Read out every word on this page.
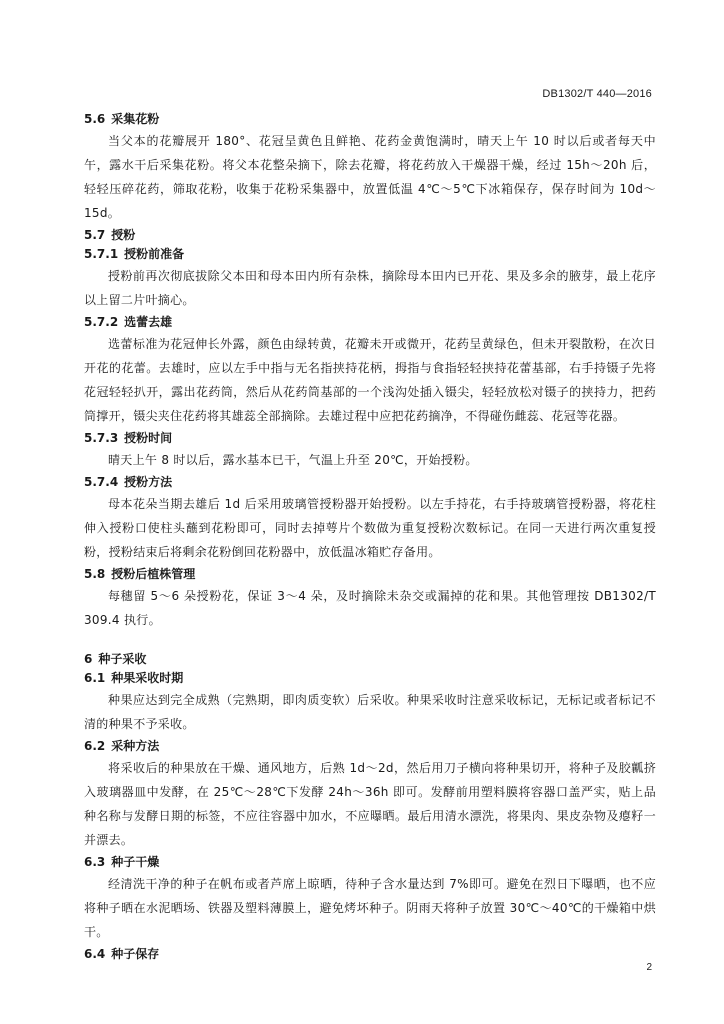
DB1302/T 440—2016
5.6 采集花粉

当父本的花瓣展开 180°、花冠呈黄色且鲜艳、花药金黄饱满时，晴天上午 10 时以后或者每天中午，露水干后采集花粉。将父本花整朵摘下，除去花瓣，将花药放入干燥器干燥，经过 15h～20h 后，轻轻压碎花药，筛取花粉，收集于花粉采集器中，放置低温 4℃～5℃下冰箱保存，保存时间为 10d～15d。

5.7 授粉
5.7.1 授粉前准备

授粉前再次彻底拔除父本田和母本田内所有杂株，摘除母本田内已开花、果及多余的腋芽，最上花序以上留二片叶摘心。

5.7.2 选蕾去雄

选蕾标准为花冠伸长外露，颜色由绿转黄，花瓣未开或微开，花药呈黄绿色，但未开裂散粉，在次日开花的花蕾。去雄时，应以左手中指与无名指挟持花柄，拇指与食指轻轻挟持花蕾基部，右手持镊子先将花冠轻轻扒开，露出花药筒，然后从花药筒基部的一个浅沟处插入镊尖，轻轻放松对镊子的挟持力，把药筒撑开，镊尖夹住花药将其雄蕊全部摘除。去雄过程中应把花药摘净，不得碰伤雌蕊、花冠等花器。

5.7.3 授粉时间

晴天上午 8 时以后，露水基本已干，气温上升至 20℃，开始授粉。

5.7.4 授粉方法

母本花朵当期去雄后 1d 后采用玻璃管授粉器开始授粉。以左手持花，右手持玻璃管授粉器，将花柱伸入授粉口使柱头蘸到花粉即可，同时去掉萼片个数做为重复授粉次数标记。在同一天进行两次重复授粉，授粉结束后将剩余花粉倒回花粉器中，放低温冰箱贮存备用。

5.8 授粉后植株管理

每穗留 5～6 朵授粉花，保证 3～4 朵，及时摘除未杂交或漏掉的花和果。其他管理按 DB1302/T 309.4 执行。

6 种子采收
6.1 种果采收时期

种果应达到完全成熟（完熟期，即肉质变软）后采收。种果采收时注意采收标记，无标记或者标记不清的种果不予采收。

6.2 采种方法

将采收后的种果放在干燥、通风地方，后熟 1d～2d，然后用刀子横向将种果切开，将种子及胶瓤挤入玻璃器皿中发酵，在 25℃～28℃下发酵 24h～36h 即可。发酵前用塑料膜将容器口盖严实，贴上品种名称与发酵日期的标签，不应往容器中加水，不应曝晒。最后用清水漂洗，将果肉、果皮杂物及瘪籽一并漂去。

6.3 种子干燥

经清洗干净的种子在帆布或者芦席上晾晒，待种子含水量达到 7%即可。避免在烈日下曝晒，也不应将种子晒在水泥晒场、铁器及塑料薄膜上，避免烤坏种子。阴雨天将种子放置 30℃～40℃的干燥箱中烘干。

6.4 种子保存
2
